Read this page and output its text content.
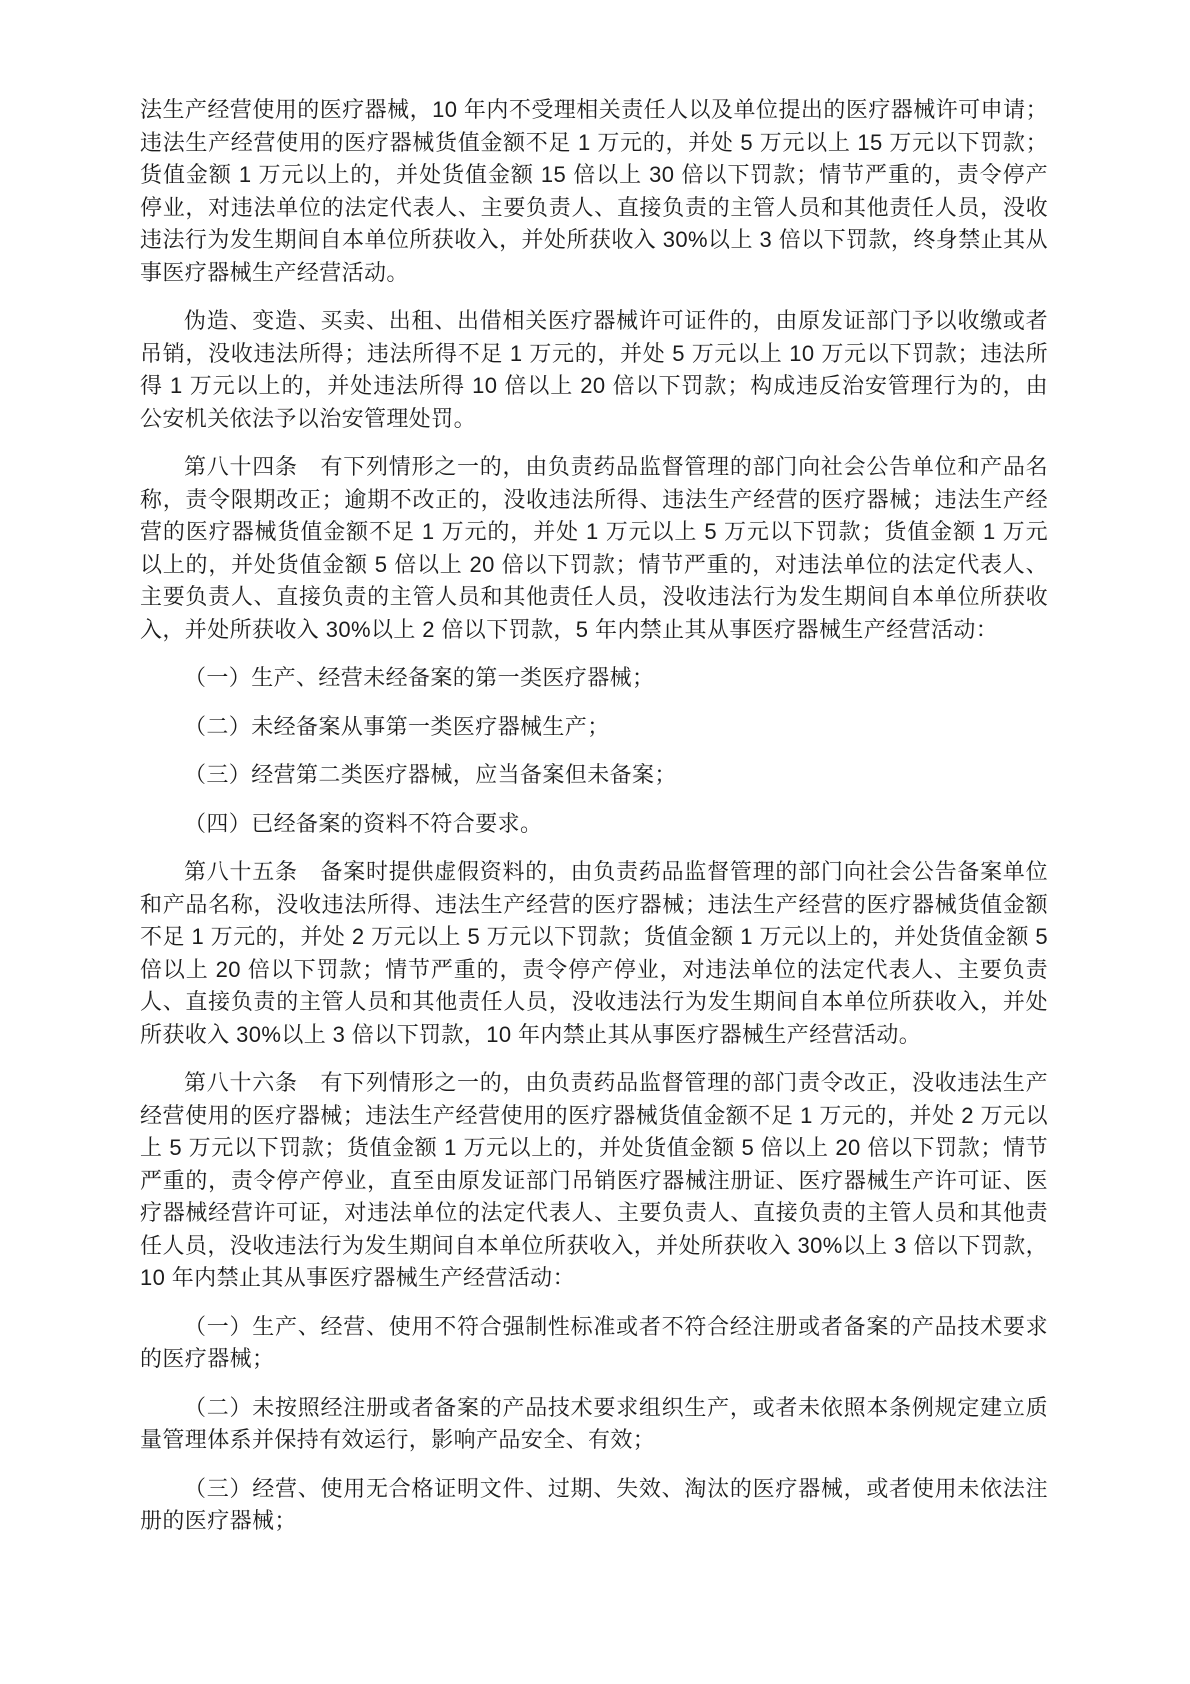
法生产经营使用的医疗器械，10 年内不受理相关责任人以及单位提出的医疗器械许可申请；违法生产经营使用的医疗器械货值金额不足 1 万元的，并处 5 万元以上 15 万元以下罚款；货值金额 1 万元以上的，并处货值金额 15 倍以上 30 倍以下罚款；情节严重的，责令停产停业，对违法单位的法定代表人、主要负责人、直接负责的主管人员和其他责任人员，没收违法行为发生期间自本单位所获收入，并处所获收入 30%以上 3 倍以下罚款，终身禁止其从事医疗器械生产经营活动。

伪造、变造、买卖、出租、出借相关医疗器械许可证件的，由原发证部门予以收缴或者吊销，没收违法所得；违法所得不足 1 万元的，并处 5 万元以上 10 万元以下罚款；违法所得 1 万元以上的，并处违法所得 10 倍以上 20 倍以下罚款；构成违反治安管理行为的，由公安机关依法予以治安管理处罚。

第八十四条　有下列情形之一的，由负责药品监督管理的部门向社会公告单位和产品名称，责令限期改正；逾期不改正的，没收违法所得、违法生产经营的医疗器械；违法生产经营的医疗器械货值金额不足 1 万元的，并处 1 万元以上 5 万元以下罚款；货值金额 1 万元以上的，并处货值金额 5 倍以上 20 倍以下罚款；情节严重的，对违法单位的法定代表人、主要负责人、直接负责的主管人员和其他责任人员，没收违法行为发生期间自本单位所获收入，并处所获收入 30%以上 2 倍以下罚款，5 年内禁止其从事医疗器械生产经营活动：

（一）生产、经营未经备案的第一类医疗器械；

（二）未经备案从事第一类医疗器械生产；

（三）经营第二类医疗器械，应当备案但未备案；

（四）已经备案的资料不符合要求。

第八十五条　备案时提供虚假资料的，由负责药品监督管理的部门向社会公告备案单位和产品名称，没收违法所得、违法生产经营的医疗器械；违法生产经营的医疗器械货值金额不足 1 万元的，并处 2 万元以上 5 万元以下罚款；货值金额 1 万元以上的，并处货值金额 5 倍以上 20 倍以下罚款；情节严重的，责令停产停业，对违法单位的法定代表人、主要负责人、直接负责的主管人员和其他责任人员，没收违法行为发生期间自本单位所获收入，并处所获收入 30%以上 3 倍以下罚款，10 年内禁止其从事医疗器械生产经营活动。

第八十六条　有下列情形之一的，由负责药品监督管理的部门责令改正，没收违法生产经营使用的医疗器械；违法生产经营使用的医疗器械货值金额不足 1 万元的，并处 2 万元以上 5 万元以下罚款；货值金额 1 万元以上的，并处货值金额 5 倍以上 20 倍以下罚款；情节严重的，责令停产停业，直至由原发证部门吊销医疗器械注册证、医疗器械生产许可证、医疗器械经营许可证，对违法单位的法定代表人、主要负责人、直接负责的主管人员和其他责任人员，没收违法行为发生期间自本单位所获收入，并处所获收入 30%以上 3 倍以下罚款，10 年内禁止其从事医疗器械生产经营活动：

（一）生产、经营、使用不符合强制性标准或者不符合经注册或者备案的产品技术要求的医疗器械；

（二）未按照经注册或者备案的产品技术要求组织生产，或者未依照本条例规定建立质量管理体系并保持有效运行，影响产品安全、有效；

（三）经营、使用无合格证明文件、过期、失效、淘汰的医疗器械，或者使用未依法注册的医疗器械；
